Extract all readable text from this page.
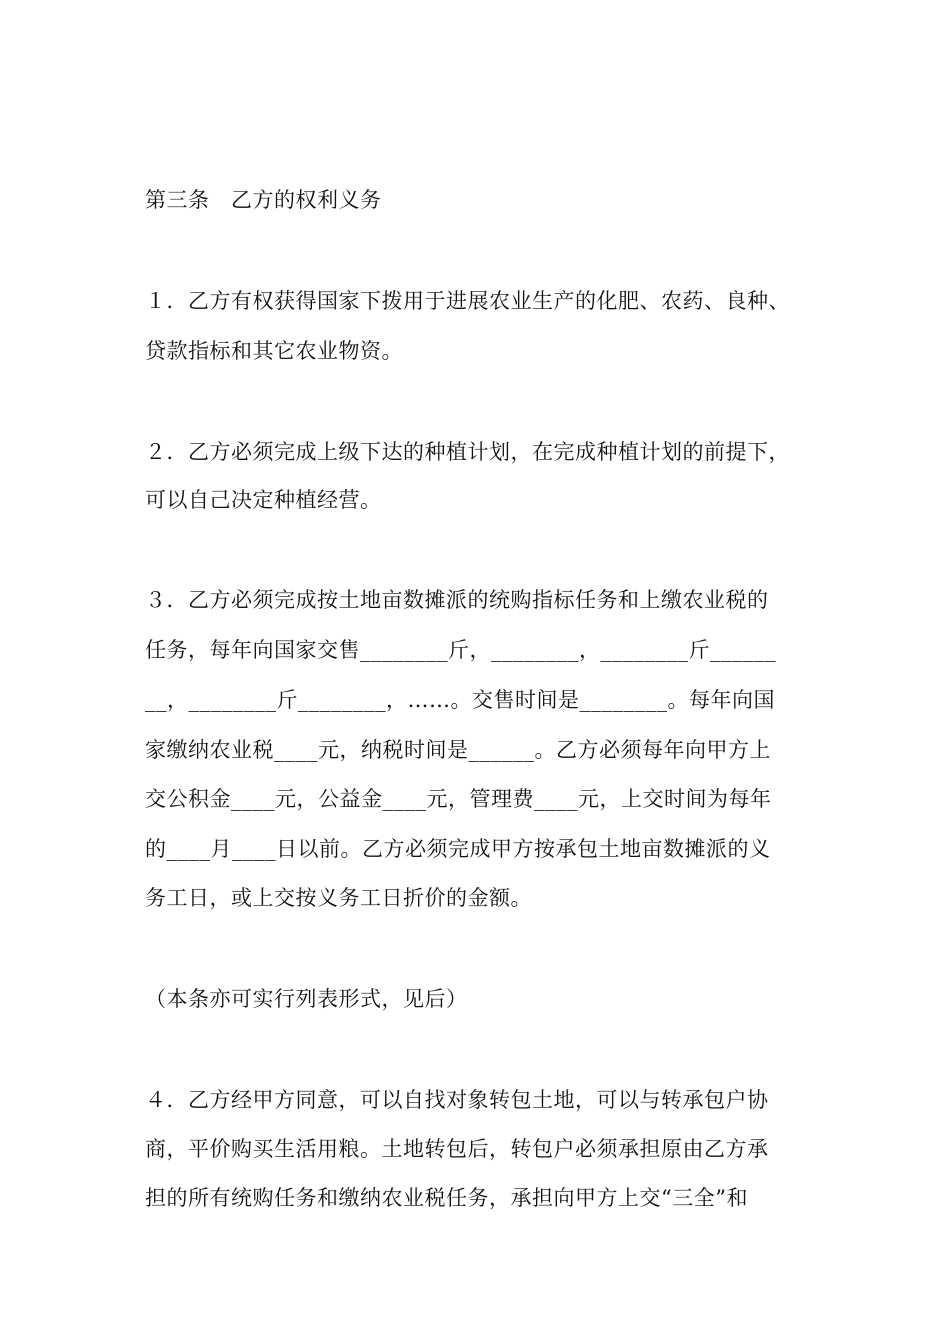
第三条　乙方的权利义务
１．乙方有权获得国家下拨用于进展农业生产的化肥、农药、良种、
贷款指标和其它农业物资。
２．乙方必须完成上级下达的种植计划，在完成种植计划的前提下，
可以自己决定种植经营。
３．乙方必须完成按土地亩数摊派的统购指标任务和上缴农业税的
任务，每年向国家交售________斤，________，________斤______
__，________斤________，……。交售时间是________。每年向国
家缴纳农业税____元，纳税时间是______。乙方必须每年向甲方上
交公积金____元，公益金____元，管理费____元，上交时间为每年
的____月____日以前。乙方必须完成甲方按承包土地亩数摊派的义
务工日，或上交按义务工日折价的金额。
（本条亦可实行列表形式，见后）
４．乙方经甲方同意，可以自找对象转包土地，可以与转承包户协
商，平价购买生活用粮。土地转包后，转包户必须承担原由乙方承
担的所有统购任务和缴纳农业税任务，承担向甲方上交“三全”和
